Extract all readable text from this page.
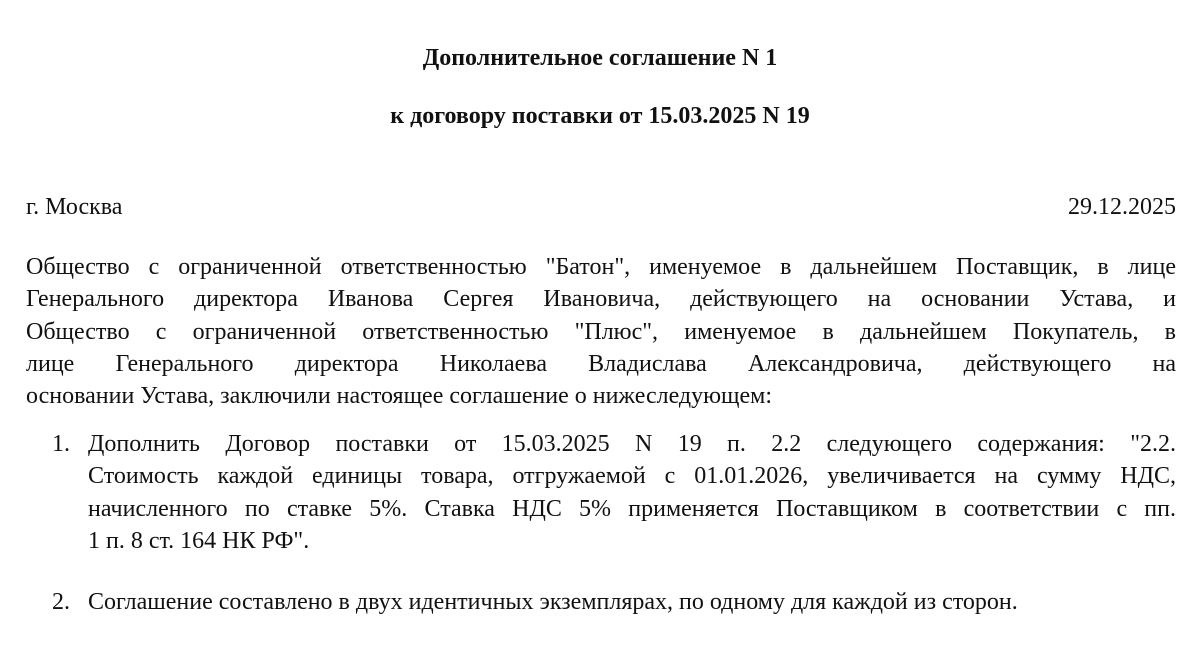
Дополнительное соглашение N 1
к договору поставки от 15.03.2025 N 19
г. Москва	29.12.2025

Общество с ограниченной ответственностью "Батон", именуемое в дальнейшем Поставщик, в лице
Генерального директора Иванова Сергея Ивановича, действующего на основании Устава, и
Общество с ограниченной ответственностью "Плюс", именуемое в дальнейшем Покупатель, в
лице Генерального директора Николаева Владислава Александровича, действующего на
основании Устава, заключили настоящее соглашение о нижеследующем:

1. Дополнить Договор поставки от 15.03.2025 N 19 п. 2.2 следующего содержания: "2.2.
Стоимость каждой единицы товара, отгружаемой с 01.01.2026, увеличивается на сумму НДС,
начисленного по ставке 5%. Ставка НДС 5% применяется Поставщиком в соответствии с пп.
1 п. 8 ст. 164 НК РФ".
2. Соглашение составлено в двух идентичных экземплярах, по одному для каждой из сторон.
